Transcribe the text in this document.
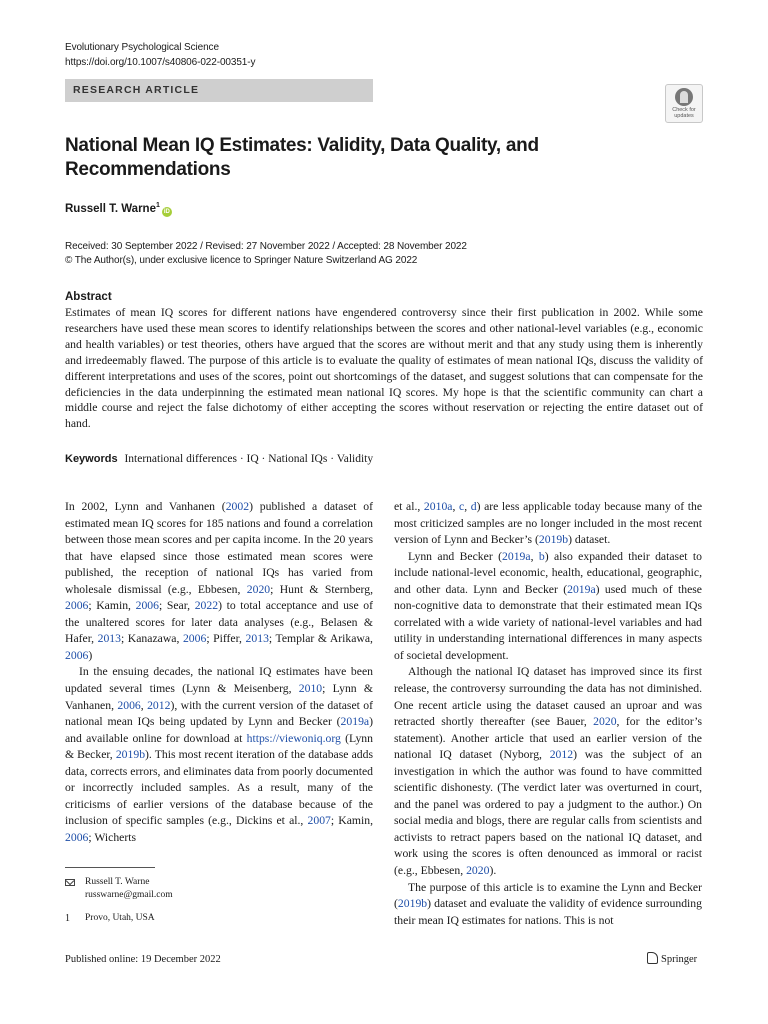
Evolutionary Psychological Science
https://doi.org/10.1007/s40806-022-00351-y
RESEARCH ARTICLE
Check for
updates
National Mean IQ Estimates: Validity, Data Quality, and Recommendations
Russell T. Warne$^1$iD
Received: 30 September 2022 / Revised: 27 November 2022 / Accepted: 28 November 2022
© The Author(s), under exclusive licence to Springer Nature Switzerland AG 2022
Abstract
Estimates of mean IQ scores for different nations have engendered controversy since their first publication in 2002. While some researchers have used these mean scores to identify relationships between the scores and other national-level variables (e.g., economic and health variables) or test theories, others have argued that the scores are without merit and that any study using them is inherently and irredeemably flawed. The purpose of this article is to evaluate the quality of estimates of mean national IQs, discuss the validity of different interpretations and uses of the scores, point out shortcomings of the dataset, and suggest solutions that can compensate for the deficiencies in the data underpinning the estimated mean national IQ scores. My hope is that the scientific community can chart a middle course and reject the false dichotomy of either accepting the scores without reservation or rejecting the entire dataset out of hand.
Keywords International differences · IQ · National IQs · Validity

In 2002, Lynn and Vanhanen (2002) published a dataset of estimated mean IQ scores for 185 nations and found a correlation between those mean scores and per capita income. In the 20 years that have elapsed since those estimated mean scores were published, the reception of national IQs has varied from wholesale dismissal (e.g., Ebbesen, 2020; Hunt & Sternberg, 2006; Kamin, 2006; Sear, 2022) to total acceptance and use of the unaltered scores for later data analyses (e.g., Belasen & Hafer, 2013; Kanazawa, 2006; Piffer, 2013; Templar & Arikawa, 2006)

In the ensuing decades, the national IQ estimates have been updated several times (Lynn & Meisenberg, 2010; Lynn & Vanhanen, 2006, 2012), with the current version of the dataset of national mean IQs being updated by Lynn and Becker (2019a) and available online for download at https://viewoniq.org (Lynn & Becker, 2019b). This most recent iteration of the database adds data, corrects errors, and eliminates data from poorly documented or incorrectly included samples. As a result, many of the criticisms of earlier versions of the database because of the inclusion of specific samples (e.g., Dickins et al., 2007; Kamin, 2006; Wicherts

et al., 2010a, c, d) are less applicable today because many of the most criticized samples are no longer included in the most recent version of Lynn and Becker’s (2019b) dataset.

Lynn and Becker (2019a, b) also expanded their dataset to include national-level economic, health, educational, geographic, and other data. Lynn and Becker (2019a) used much of these non-cognitive data to demonstrate that their estimated mean IQs correlated with a wide variety of national-level variables and had utility in understanding international differences in many aspects of societal development.

Although the national IQ dataset has improved since its first release, the controversy surrounding the data has not diminished. One recent article using the dataset caused an uproar and was retracted shortly thereafter (see Bauer, 2020, for the editor’s statement). Another article that used an earlier version of the national IQ dataset (Nyborg, 2012) was the subject of an investigation in which the author was found to have committed scientific dishonesty. (The verdict later was overturned in court, and the panel was ordered to pay a judgment to the author.) On social media and blogs, there are regular calls from scientists and activists to retract papers based on the national IQ dataset, and work using the scores is often denounced as immoral or racist (e.g., Ebbesen, 2020).

The purpose of this article is to examine the Lynn and Becker (2019b) dataset and evaluate the validity of evidence surrounding their mean IQ estimates for nations. This is not

Russell T. Warne
russwarne@gmail.com
1	Provo, Utah, USA
Published online: 19 December 2022	Springer
